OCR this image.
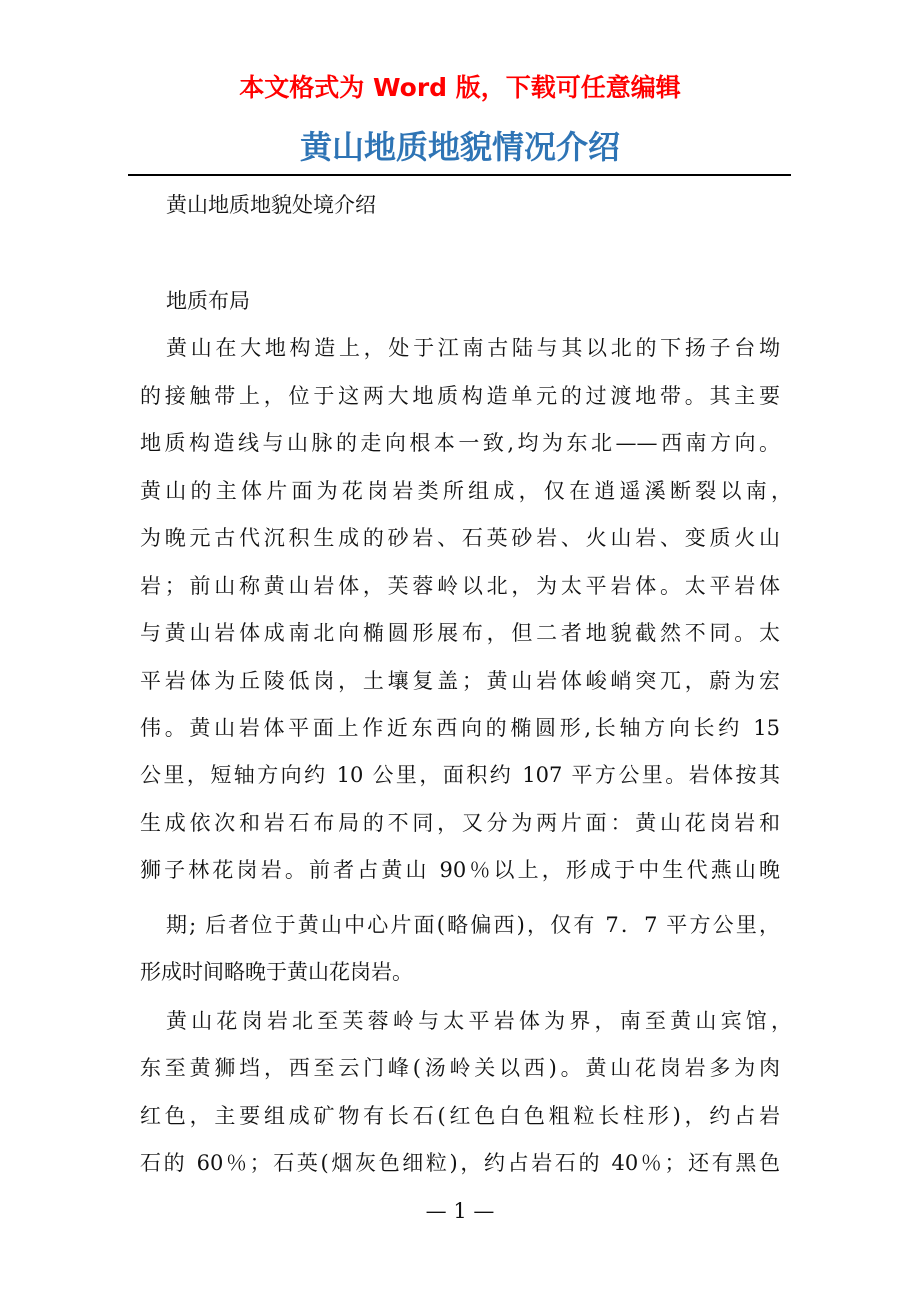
本文格式为 Word 版，下载可任意编辑
黄山地质地貌情况介绍
黄山地质地貌处境介绍
地质布局
黄山在大地构造上，处于江南古陆与其以北的下扬子台坳
的接触带上，位于这两大地质构造单元的过渡地带。其主要
地质构造线与山脉的走向根本一致,均为东北——西南方向。
黄山的主体片面为花岗岩类所组成，仅在逍遥溪断裂以南，
为晚元古代沉积生成的砂岩、石英砂岩、火山岩、变质火山
岩；前山称黄山岩体，芙蓉岭以北，为太平岩体。太平岩体
与黄山岩体成南北向椭圆形展布，但二者地貌截然不同。太
平岩体为丘陵低岗，土壤复盖；黄山岩体峻峭突兀，蔚为宏
伟。黄山岩体平面上作近东西向的椭圆形,长轴方向长约 15
公里，短轴方向约 10 公里，面积约 107 平方公里。岩体按其
生成依次和岩石布局的不同，又分为两片面：黄山花岗岩和
狮子林花岗岩。前者占黄山 90％以上，形成于中生代燕山晚
期; 后者位于黄山中心片面(略偏西)，仅有 7．7 平方公里，
形成时间略晚于黄山花岗岩。
黄山花岗岩北至芙蓉岭与太平岩体为界，南至黄山宾馆，
东至黄狮垱，西至云门峰(汤岭关以西)。黄山花岗岩多为肉
红色，主要组成矿物有长石(红色白色粗粒长柱形)，约占岩
石的 60％；石英(烟灰色细粒)，约占岩石的 40％；还有黑色
— 1 —
